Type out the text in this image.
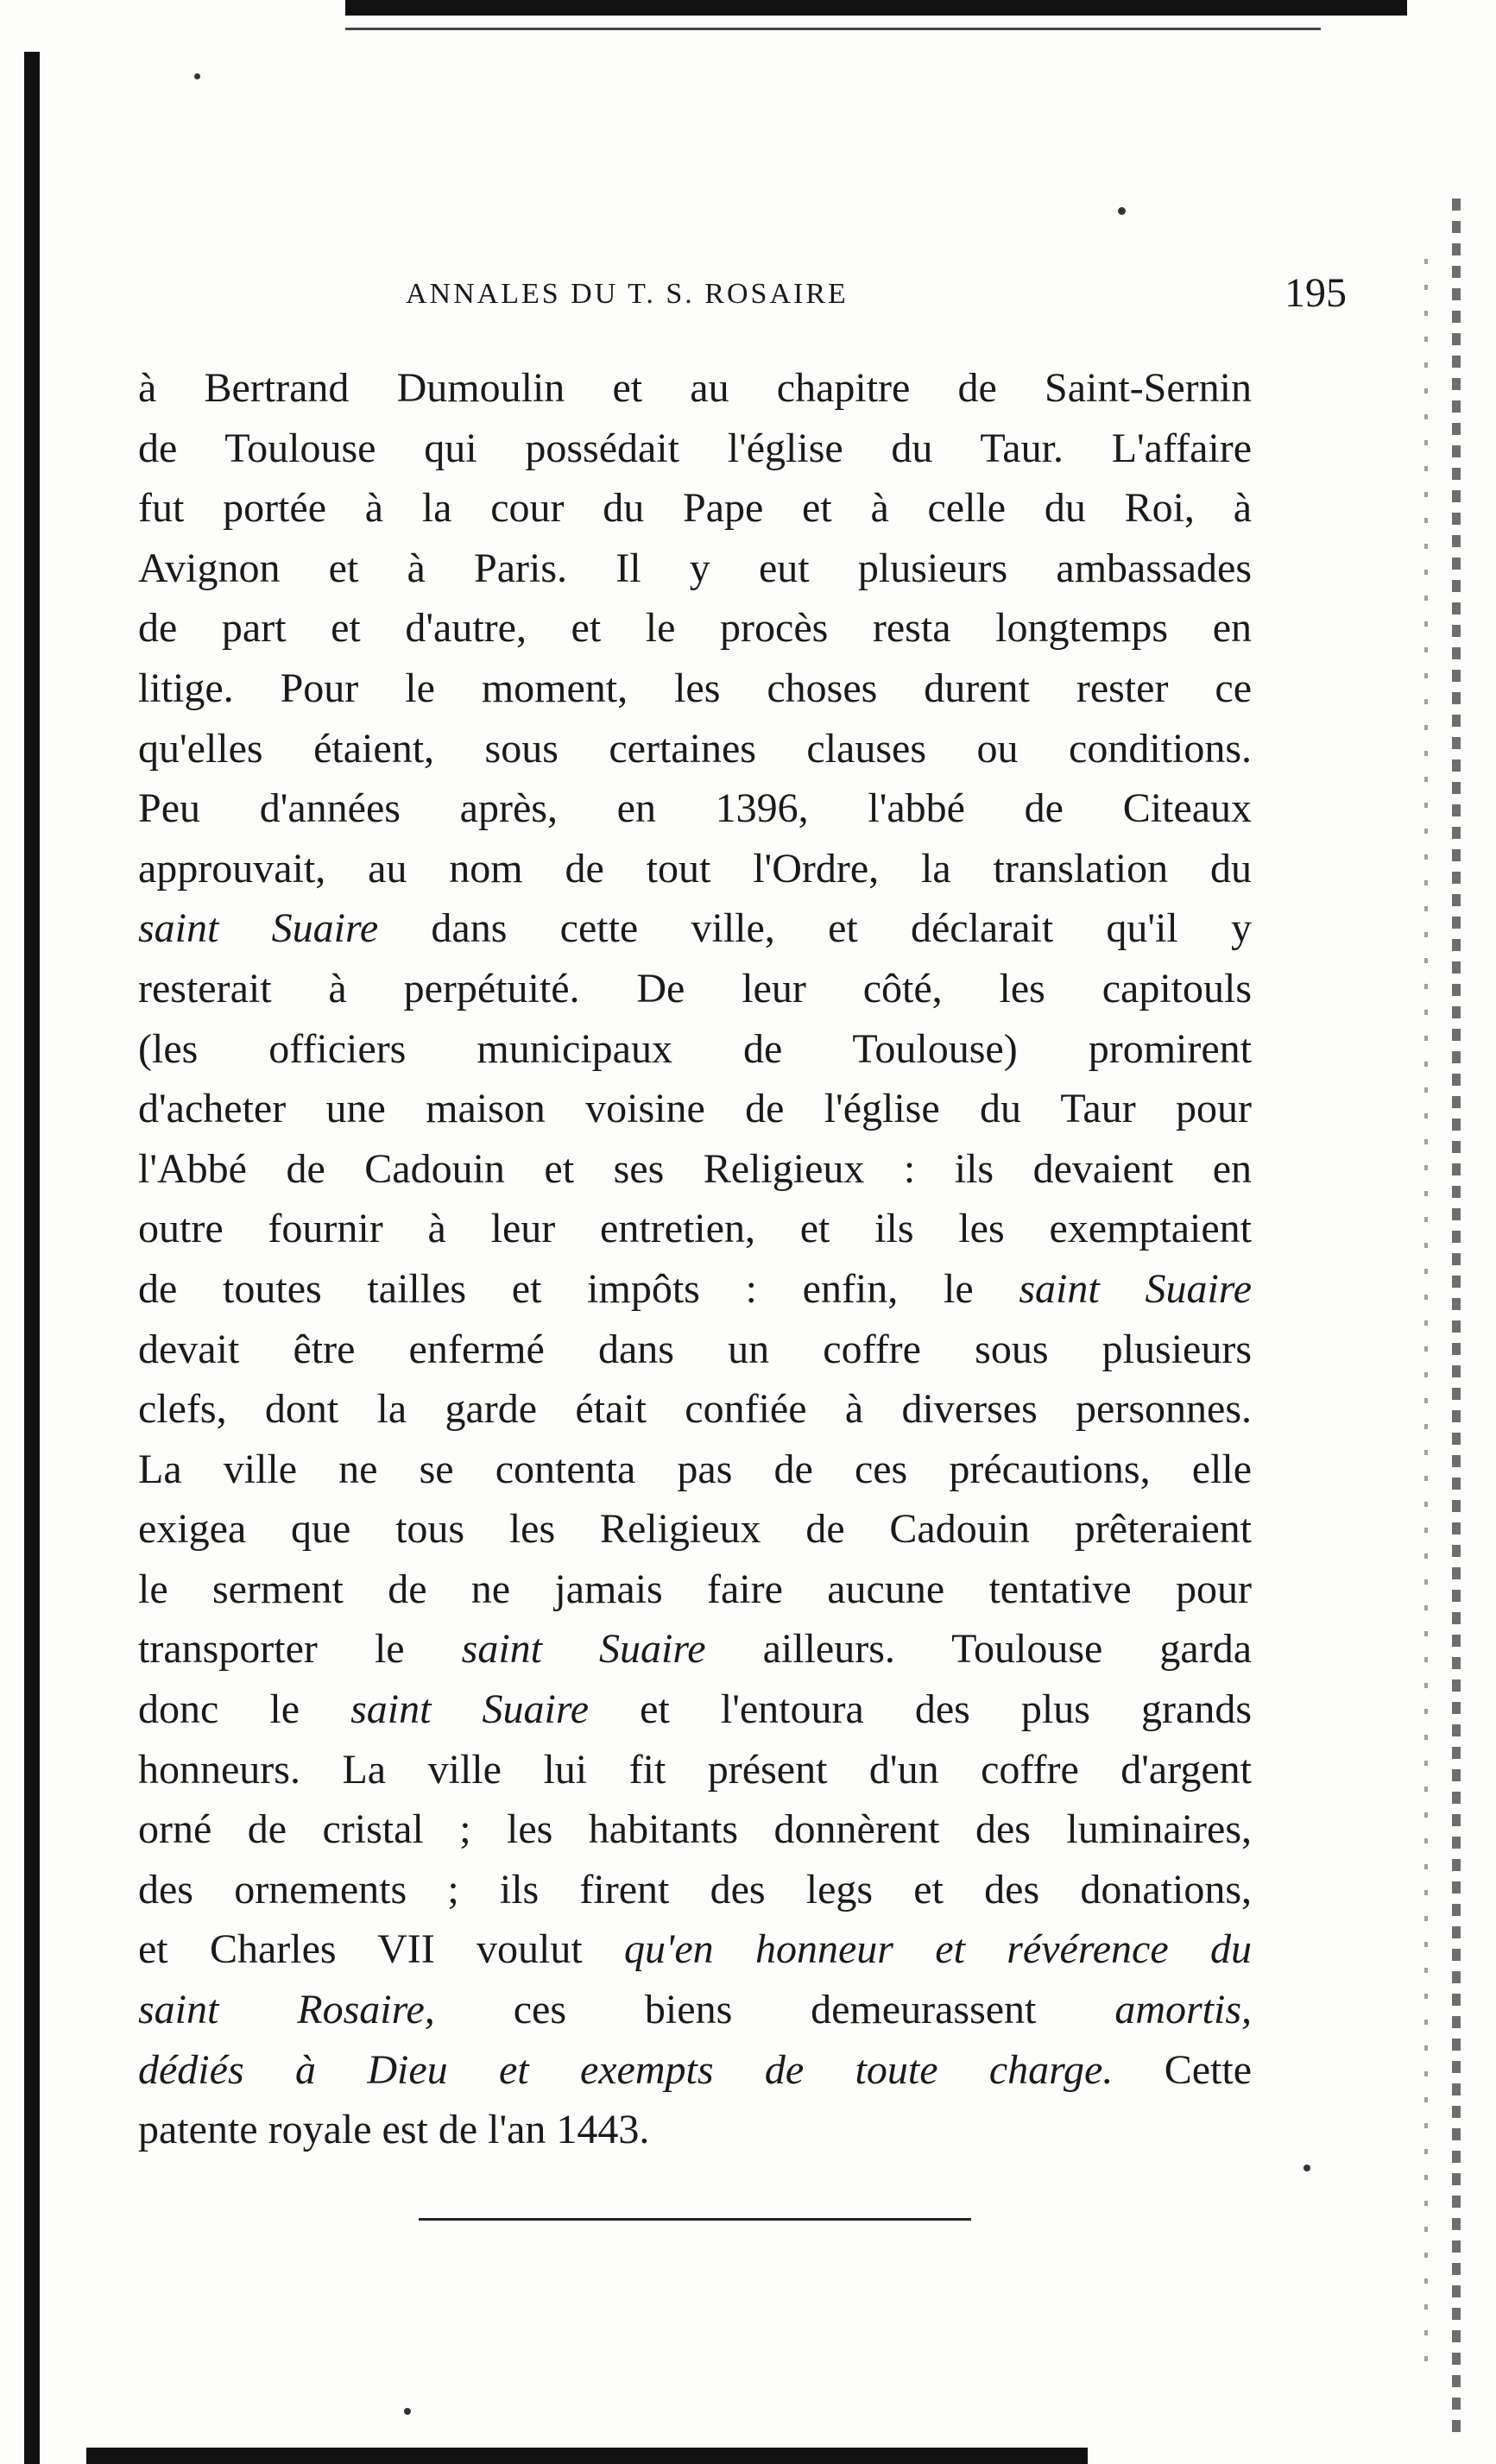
ANNALES DU T. S. ROSAIRE	195
à Bertrand Dumoulin et au chapitre de Saint-Sernin
de Toulouse qui possédait l'église du Taur. L'affaire
fut portée à la cour du Pape et à celle du Roi, à
Avignon et à Paris. Il y eut plusieurs ambassades
de part et d'autre, et le procès resta longtemps en
litige. Pour le moment, les choses durent rester ce
qu'elles étaient, sous certaines clauses ou conditions.
Peu d'années après, en 1396, l'abbé de Citeaux
approuvait, au nom de tout l'Ordre, la translation du
saint Suaire dans cette ville, et déclarait qu'il y
resterait à perpétuité. De leur côté, les capitouls
(les officiers municipaux de Toulouse) promirent
d'acheter une maison voisine de l'église du Taur pour
l'Abbé de Cadouin et ses Religieux : ils devaient en
outre fournir à leur entretien, et ils les exemptaient
de toutes tailles et impôts : enfin, le saint Suaire
devait être enfermé dans un coffre sous plusieurs
clefs, dont la garde était confiée à diverses personnes.
La ville ne se contenta pas de ces précautions, elle
exigea que tous les Religieux de Cadouin prêteraient
le serment de ne jamais faire aucune tentative pour
transporter le saint Suaire ailleurs. Toulouse garda
donc le saint Suaire et l'entoura des plus grands
honneurs. La ville lui fit présent d'un coffre d'argent
orné de cristal ; les habitants donnèrent des luminaires,
des ornements ; ils firent des legs et des donations,
et Charles VII voulut qu'en honneur et révérence du
saint Rosaire, ces biens demeurassent amortis,
dédiés à Dieu et exempts de toute charge. Cette
patente royale est de l'an 1443.
